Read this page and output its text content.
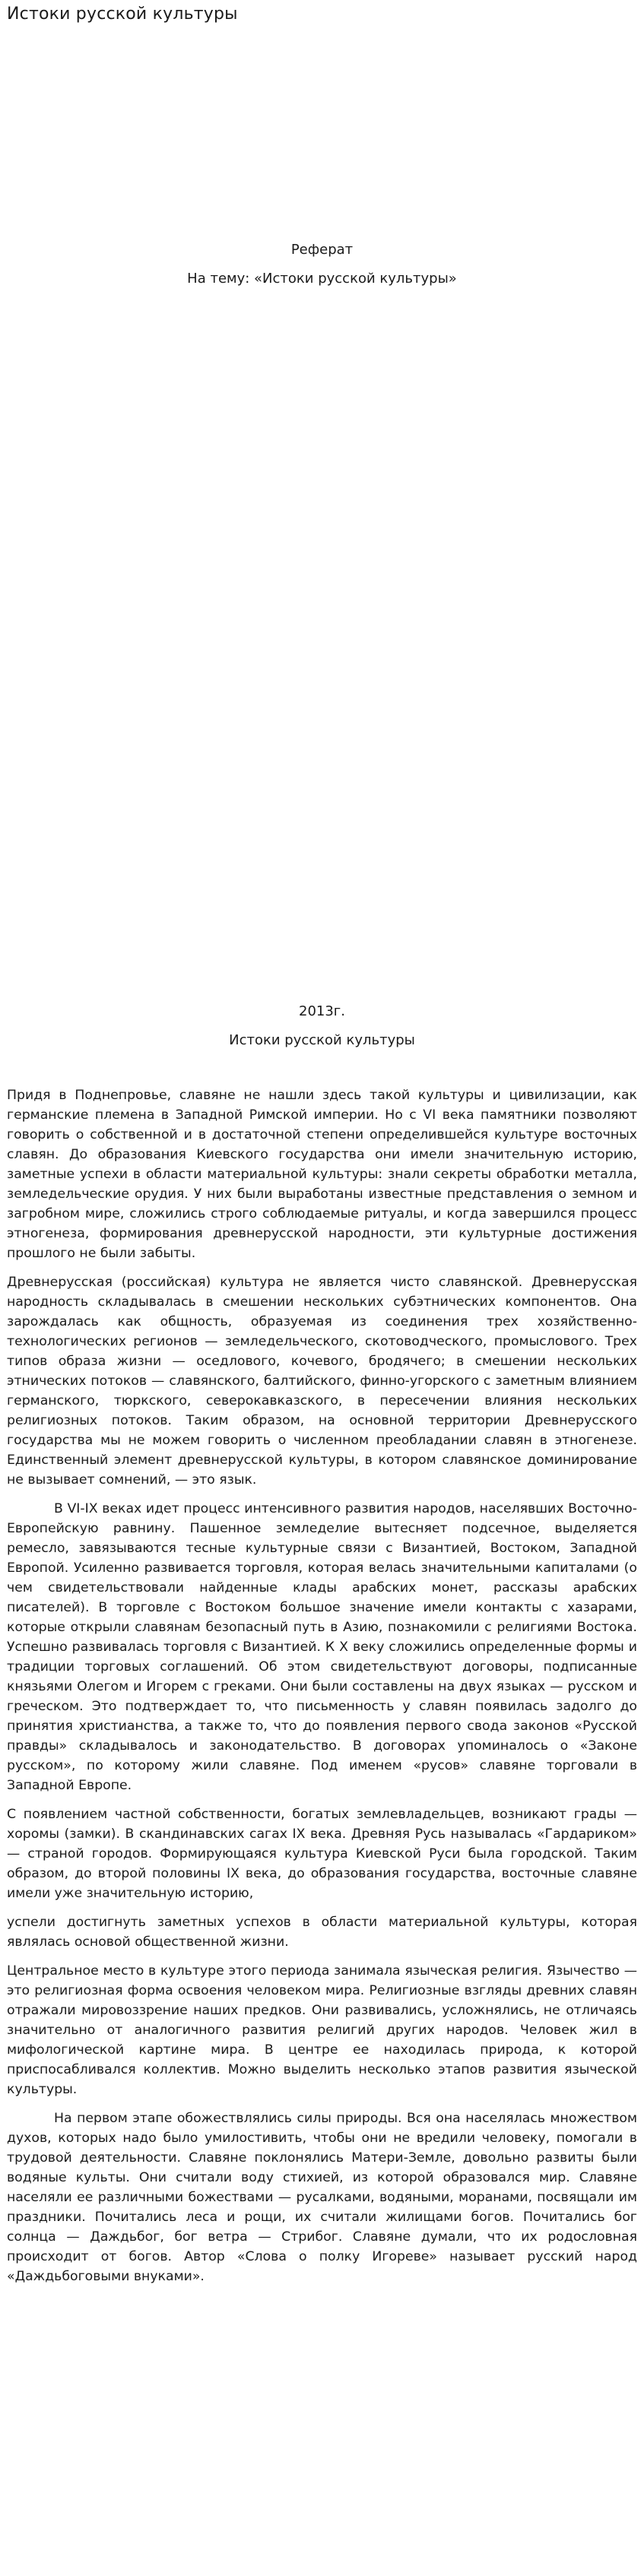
Истоки русской культуры

Реферат

На тему: «Истоки русской культуры»

2013г.

Истоки русской культуры

Придя в Поднепровье, славяне не нашли здесь такой культуры и цивилизации, как германские племена в Западной Римской империи. Но с VI века памятники позволяют говорить о собственной и в достаточной степени определившейся культуре восточных славян. До образования Киевского государства они имели значительную историю, заметные успехи в области материальной культуры: знали секреты обработки металла, земледельческие орудия. У них были выработаны известные представления о земном и загробном мире, сложились строго соблюдаемые ритуалы, и когда завершился процесс этногенеза, формирования древнерусской народности, эти культурные достижения прошлого не были забыты.

Древнерусская (российская) культура не является чисто славянской. Древнерусская народность складывалась в смешении нескольких субэтнических компонентов. Она зарождалась как общность, образуемая из соединения трех хозяйственно-технологических регионов — земледельческого, скотоводческого, промыслового. Трех типов образа жизни — оседлового, кочевого, бродячего; в смешении нескольких этнических потоков — славянского, балтийского, финно-угорского с заметным влиянием германского, тюркского, северокавказского, в пересечении влияния нескольких религиозных потоков. Таким образом, на основной территории Древнерусского государства мы не можем говорить о численном преобладании славян в этногенезе. Единственный элемент древнерусской культуры, в котором славянское доминирование не вызывает сомнений, — это язык.

В VI-IX веках идет процесс интенсивного развития народов, населявших Восточно-Европейскую равнину. Пашенное земледелие вытесняет подсечное, выделяется ремесло, завязываются тесные культурные связи с Византией, Востоком, Западной Европой. Усиленно развивается торговля, которая велась значительными капиталами (о чем свидетельствовали найденные клады арабских монет, рассказы арабских писателей). В торговле с Востоком большое значение имели контакты с хазарами, которые открыли славянам безопасный путь в Азию, познакомили с религиями Востока. Успешно развивалась торговля с Византией. К X веку сложились определенные формы и традиции торговых соглашений. Об этом свидетельствуют договоры, подписанные князьями Олегом и Игорем с греками. Они были составлены на двух языках — русском и греческом. Это подтверждает то, что письменность у славян появилась задолго до принятия христианства, а также то, что до появления первого свода законов «Русской правды» складывалось и законодательство. В договорах упоминалось о «Законе русском», по которому жили славяне. Под именем «русов» славяне торговали в Западной Европе.

С появлением частной собственности, богатых землевладельцев, возникают грады — хоромы (замки). В скандинавских сагах IX века. Древняя Русь называлась «Гардариком» — страной городов. Формирующаяся культура Киевской Руси была городской. Таким образом, до второй половины IX века, до образования государства, восточные славяне имели уже значительную историю,

успели достигнуть заметных успехов в области материальной культуры, которая являлась основой общественной жизни.

Центральное место в культуре этого периода занимала языческая религия. Язычество — это религиозная форма освоения человеком мира. Религиозные взгляды древних славян отражали мировоззрение наших предков. Они развивались, усложнялись, не отличаясь значительно от аналогичного развития религий других народов. Человек жил в мифологической картине мира. В центре ее находилась природа, к которой приспосабливался коллектив. Можно выделить несколько этапов развития языческой культуры.

На первом этапе обожествлялись силы природы. Вся она населялась множеством духов, которых надо было умилостивить, чтобы они не вредили человеку, помогали в трудовой деятельности. Славяне поклонялись Матери-Земле, довольно развиты были водяные культы. Они считали воду стихией, из которой образовался мир. Славяне населяли ее различными божествами — русалками, водяными, моранами, посвящали им праздники. Почитались леса и рощи, их считали жилищами богов. Почитались бог солнца — Даждьбог, бог ветра — Стрибог. Славяне думали, что их родословная происходит от богов. Автор «Слова о полку Игореве» называет русский народ «Даждьбоговыми внуками».
